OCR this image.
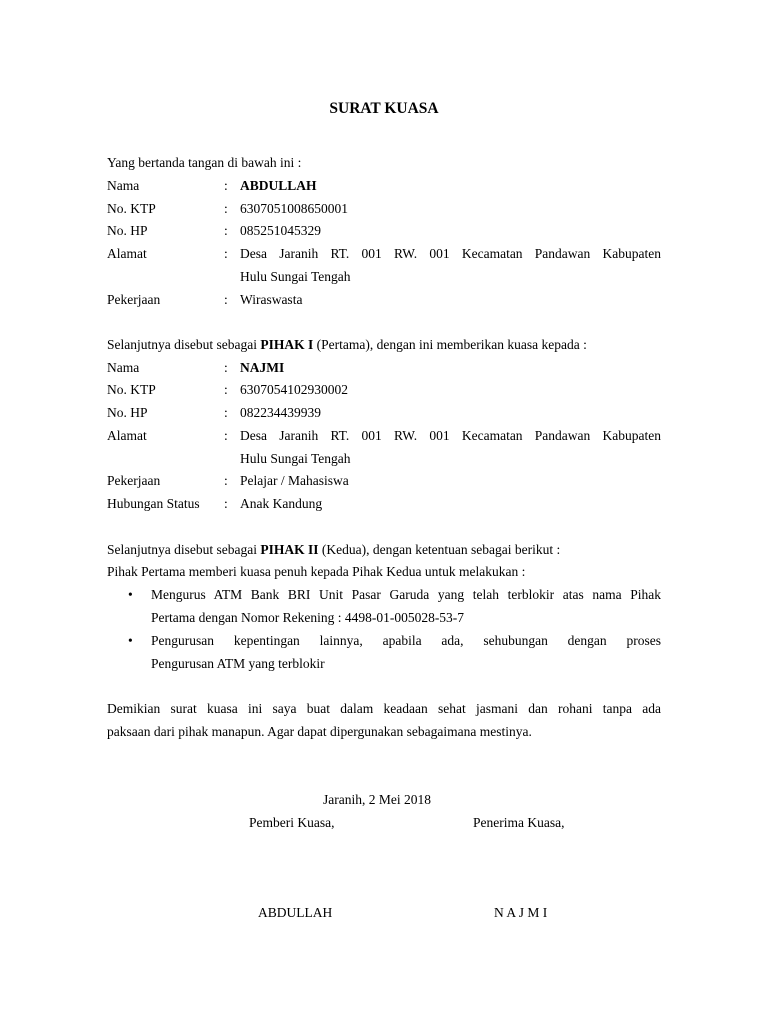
SURAT KUASA
Yang bertanda tangan di bawah ini :
Nama	: ABDULLAH
No. KTP	: 6307051008650001
No. HP	: 085251045329
Alamat	: Desa Jaranih RT. 001 RW. 001 Kecamatan Pandawan Kabupaten
Hulu Sungai Tengah
Pekerjaan	: Wiraswasta
Selanjutnya disebut sebagai PIHAK I (Pertama), dengan ini memberikan kuasa kepada :
Nama	: NAJMI
No. KTP	: 6307054102930002
No. HP	: 082234439939
Alamat	: Desa Jaranih RT. 001 RW. 001 Kecamatan Pandawan Kabupaten
Hulu Sungai Tengah
Pekerjaan	: Pelajar / Mahasiswa
Hubungan Status : Anak Kandung
Selanjutnya disebut sebagai PIHAK II (Kedua), dengan ketentuan sebagai berikut :
Pihak Pertama memberi kuasa penuh kepada Pihak Kedua untuk melakukan :
• Mengurus ATM Bank BRI Unit Pasar Garuda yang telah terblokir atas nama Pihak
Pertama dengan Nomor Rekening : 4498-01-005028-53-7
• Pengurusan kepentingan lainnya, apabila ada, sehubungan dengan proses
Pengurusan ATM yang terblokir
Demikian surat kuasa ini saya buat dalam keadaan sehat jasmani dan rohani tanpa ada
paksaan dari pihak manapun. Agar dapat dipergunakan sebagaimana mestinya.
Jaranih, 2 Mei 2018
Pemberi Kuasa,	Penerima Kuasa,
ABDULLAH	N A J M I
